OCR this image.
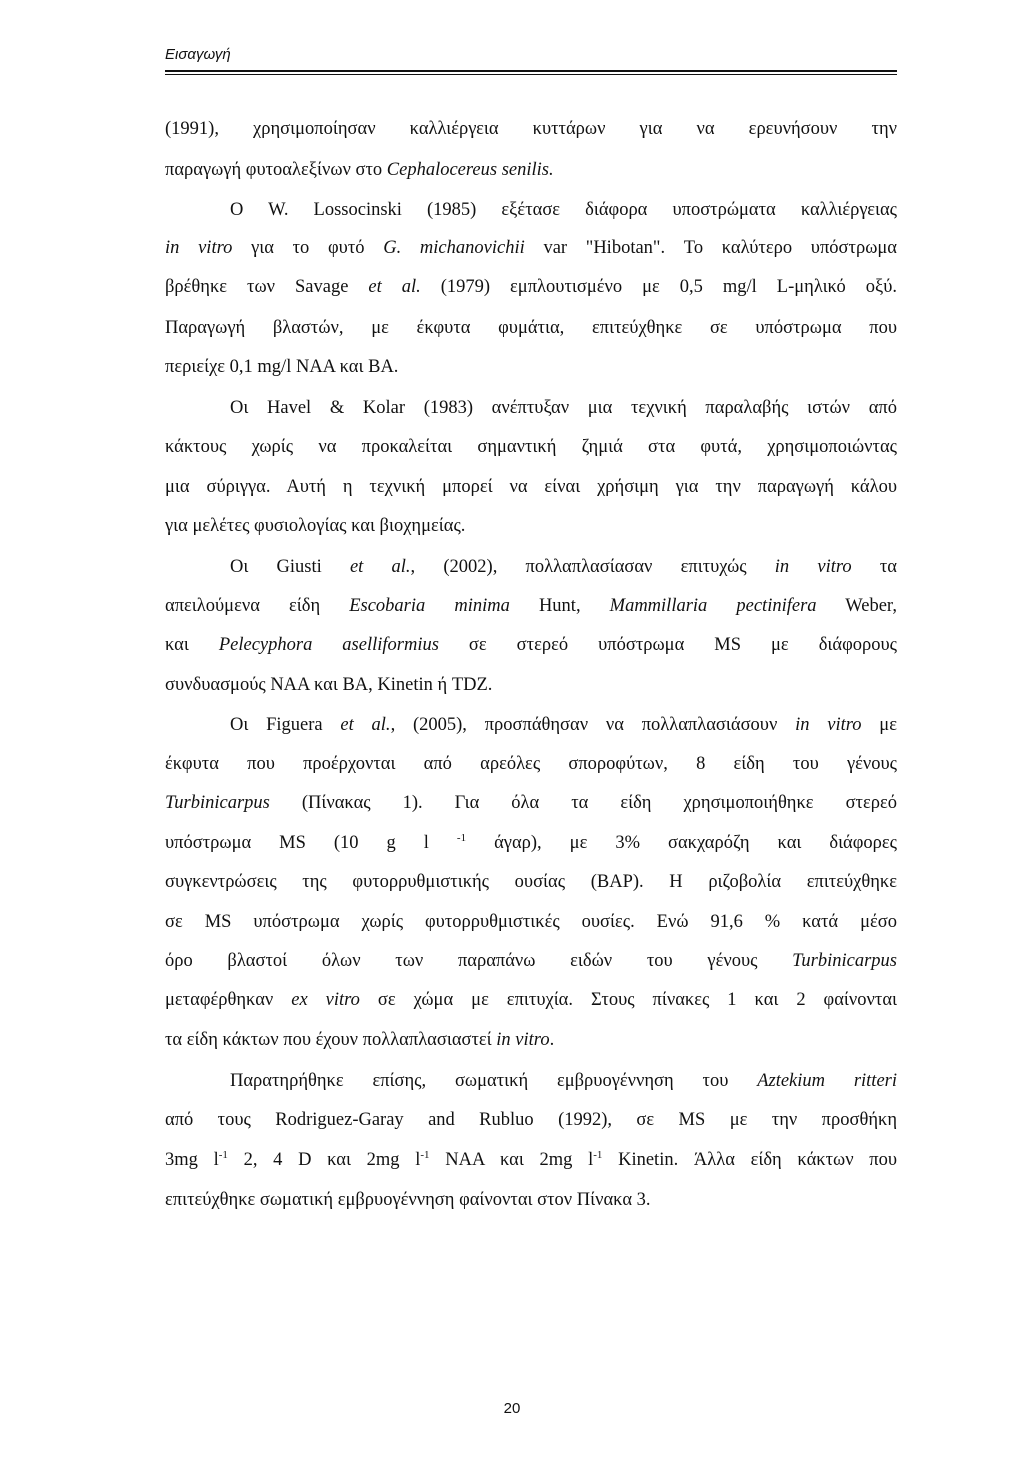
Εισαγωγή
(1991), χρησιμοποίησαν καλλιέργεια κυττάρων για να ερευνήσουν την
παραγωγή φυτοαλεξίνων στο Cephalocereus senilis.
O W. Lossocinski (1985) εξέτασε διάφορα υποστρώματα καλλιέργειας
in vitro για το φυτό G. michanovichii var "Hibotan". Το καλύτερο υπόστρωμα
βρέθηκε των Savage et al. (1979) εμπλουτισμένο με 0,5 mg/l L-μηλικό οξύ.
Παραγωγή βλαστών, με έκφυτα φυμάτια, επιτεύχθηκε σε υπόστρωμα που
περιείχε 0,1 mg/l NAA και BA.
Οι Havel & Kolar (1983) ανέπτυξαν μια τεχνική παραλαβής ιστών από
κάκτους χωρίς να προκαλείται σημαντική ζημιά στα φυτά, χρησιμοποιώντας
μια σύριγγα. Αυτή η τεχνική μπορεί να είναι χρήσιμη για την παραγωγή κάλου
για μελέτες φυσιολογίας και βιοχημείας.
Οι Giusti et al., (2002), πολλαπλασίασαν επιτυχώς in vitro τα
απειλούμενα είδη Escobaria minima Hunt, Mammillaria pectinifera Weber,
και Pelecyphora aselliformius σε στερεό υπόστρωμα MS με διάφορους
συνδυασμούς NAA και BA, Kinetin ή TDZ.
Οι Figuera et al., (2005), προσπάθησαν να πολλαπλασιάσουν in vitro με
έκφυτα που προέρχονται από αρεόλες σποροφύτων, 8 είδη του γένους
Turbinicarpus (Πίνακας 1). Για όλα τα είδη χρησιμοποιήθηκε στερεό
υπόστρωμα MS (10 g l $^{-1}$ άγαρ), με 3% σακχαρόζη και διάφορες
συγκεντρώσεις της φυτορρυθμιστικής ουσίας (BAP). Η ριζοβολία επιτεύχθηκε
σε MS υπόστρωμα χωρίς φυτορρυθμιστικές ουσίες. Ενώ 91,6 % κατά μέσο
όρο βλαστοί όλων των παραπάνω ειδών του γένους Turbinicarpus
μεταφέρθηκαν ex vitro σε χώμα με επιτυχία. Στους πίνακες 1 και 2 φαίνονται
τα είδη κάκτων που έχουν πολλαπλασιαστεί in vitro.
Παρατηρήθηκε επίσης, σωματική εμβρυογέννηση του Aztekium ritteri
από τους Rodriguez-Garay and Rubluo (1992), σε MS με την προσθήκη
3mg $l^{-1}$ 2, 4 D και 2mg $l^{-1}$ NAA και 2mg $l^{-1}$ Kinetin. Άλλα είδη κάκτων που
επιτεύχθηκε σωματική εμβρυογέννηση φαίνονται στον Πίνακα 3.
20
